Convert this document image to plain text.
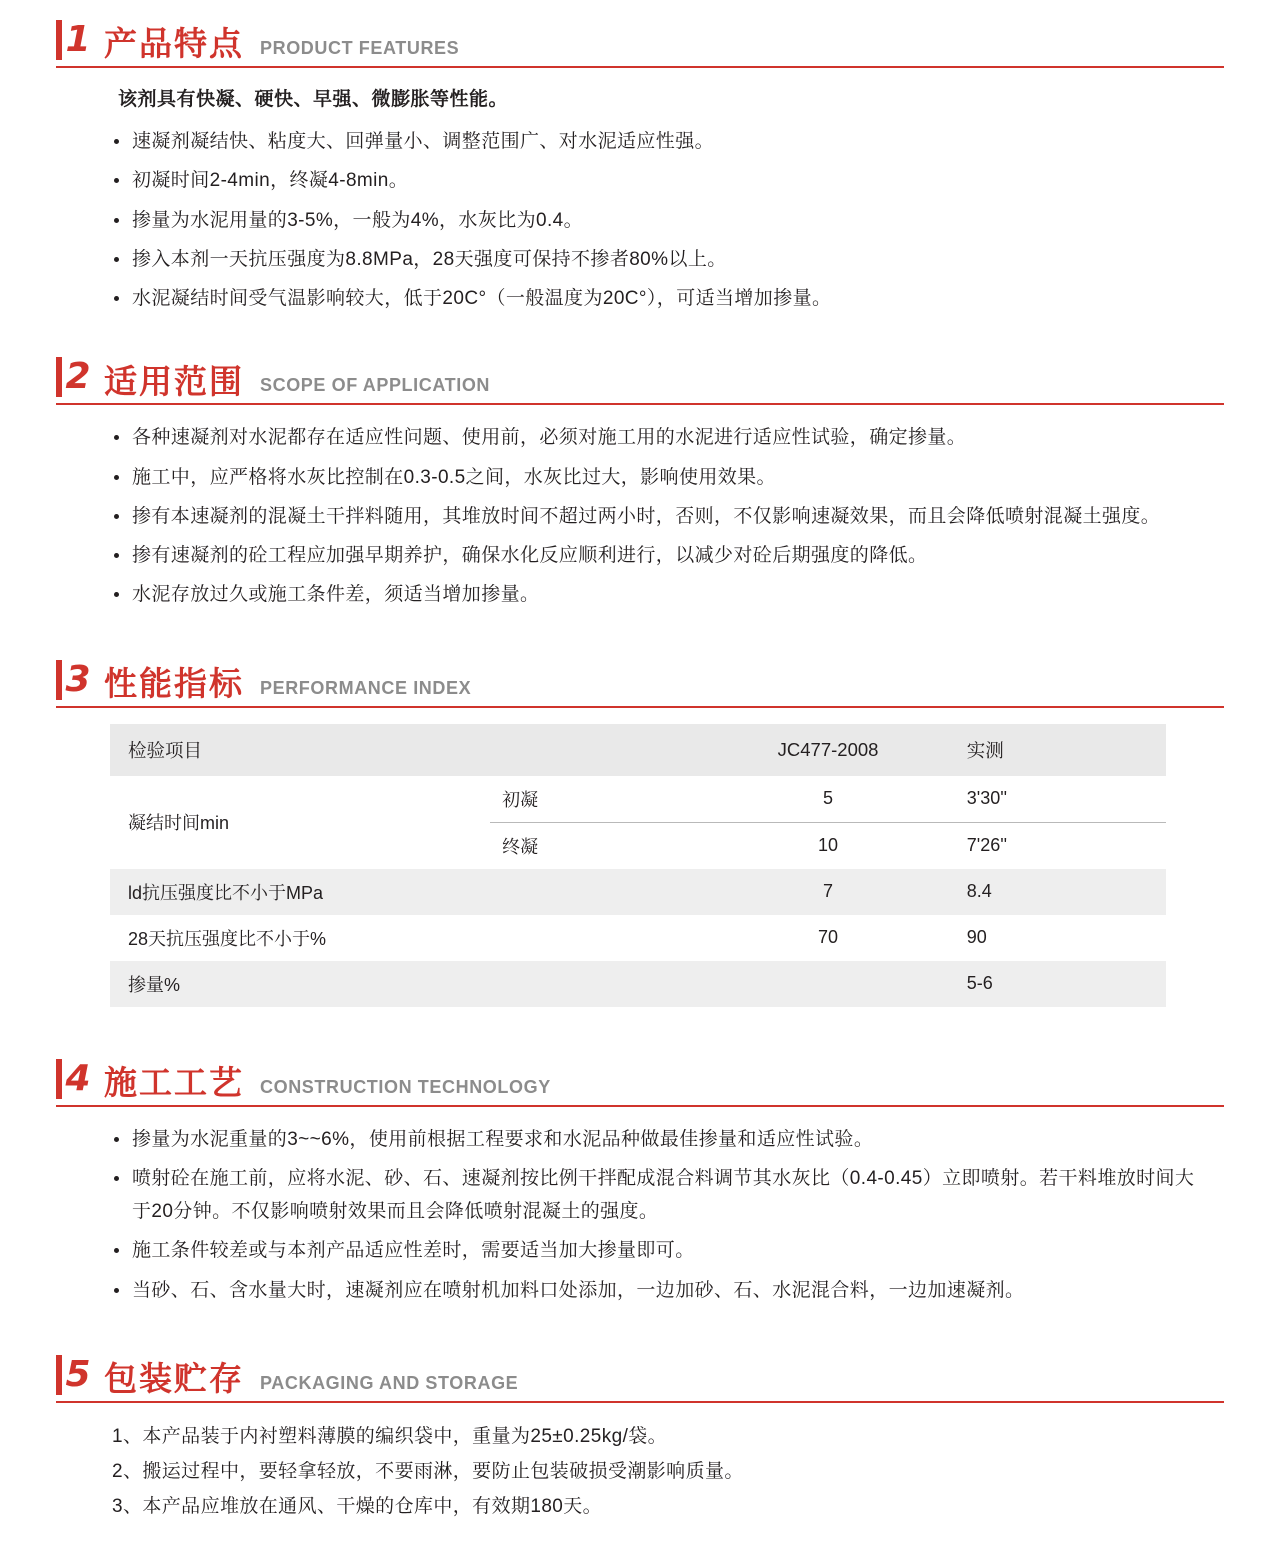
1 产品特点 PRODUCT FEATURES
该剂具有快凝、硬快、早强、微膨胀等性能。
速凝剂凝结快、粘度大、回弹量小、调整范围广、对水泥适应性强。
初凝时间2-4min，终凝4-8min。
掺量为水泥用量的3-5%，一般为4%，水灰比为0.4。
掺入本剂一天抗压强度为8.8MPa，28天强度可保持不掺者80%以上。
水泥凝结时间受气温影响较大，低于20C°（一般温度为20C°），可适当增加掺量。
2 适用范围 SCOPE OF APPLICATION
各种速凝剂对水泥都存在适应性问题、使用前，必须对施工用的水泥进行适应性试验，确定掺量。
施工中，应严格将水灰比控制在0.3-0.5之间，水灰比过大，影响使用效果。
掺有本速凝剂的混凝土干拌料随用，其堆放时间不超过两小时，否则，不仅影响速凝效果，而且会降低喷射混凝土强度。
掺有速凝剂的砼工程应加强早期养护，确保水化反应顺利进行，以减少对砼后期强度的降低。
水泥存放过久或施工条件差，须适当增加掺量。
3 性能指标 PERFORMANCE INDEX
检验项目		JC477-2008	实测
凝结时间min	初凝	5	3'30''
	终凝	10	7'26''
ld抗压强度比不小于MPa		7	8.4
28天抗压强度比不小于%		70	90
掺量%			5-6
4 施工工艺 CONSTRUCTION TECHNOLOGY
掺量为水泥重量的3~~6%，使用前根据工程要求和水泥品种做最佳掺量和适应性试验。
喷射砼在施工前，应将水泥、砂、石、速凝剂按比例干拌配成混合料调节其水灰比（0.4-0.45）立即喷射。若干料堆放时间大于20分钟。不仅影响喷射效果而且会降低喷射混凝土的强度。
施工条件较差或与本剂产品适应性差时，需要适当加大掺量即可。
当砂、石、含水量大时，速凝剂应在喷射机加料口处添加，一边加砂、石、水泥混合料，一边加速凝剂。
5 包装贮存 PACKAGING AND STORAGE
1、本产品装于内衬塑料薄膜的编织袋中，重量为25±0.25kg/袋。
2、搬运过程中，要轻拿轻放，不要雨淋，要防止包装破损受潮影响质量。
3、本产品应堆放在通风、干燥的仓库中，有效期180天。
